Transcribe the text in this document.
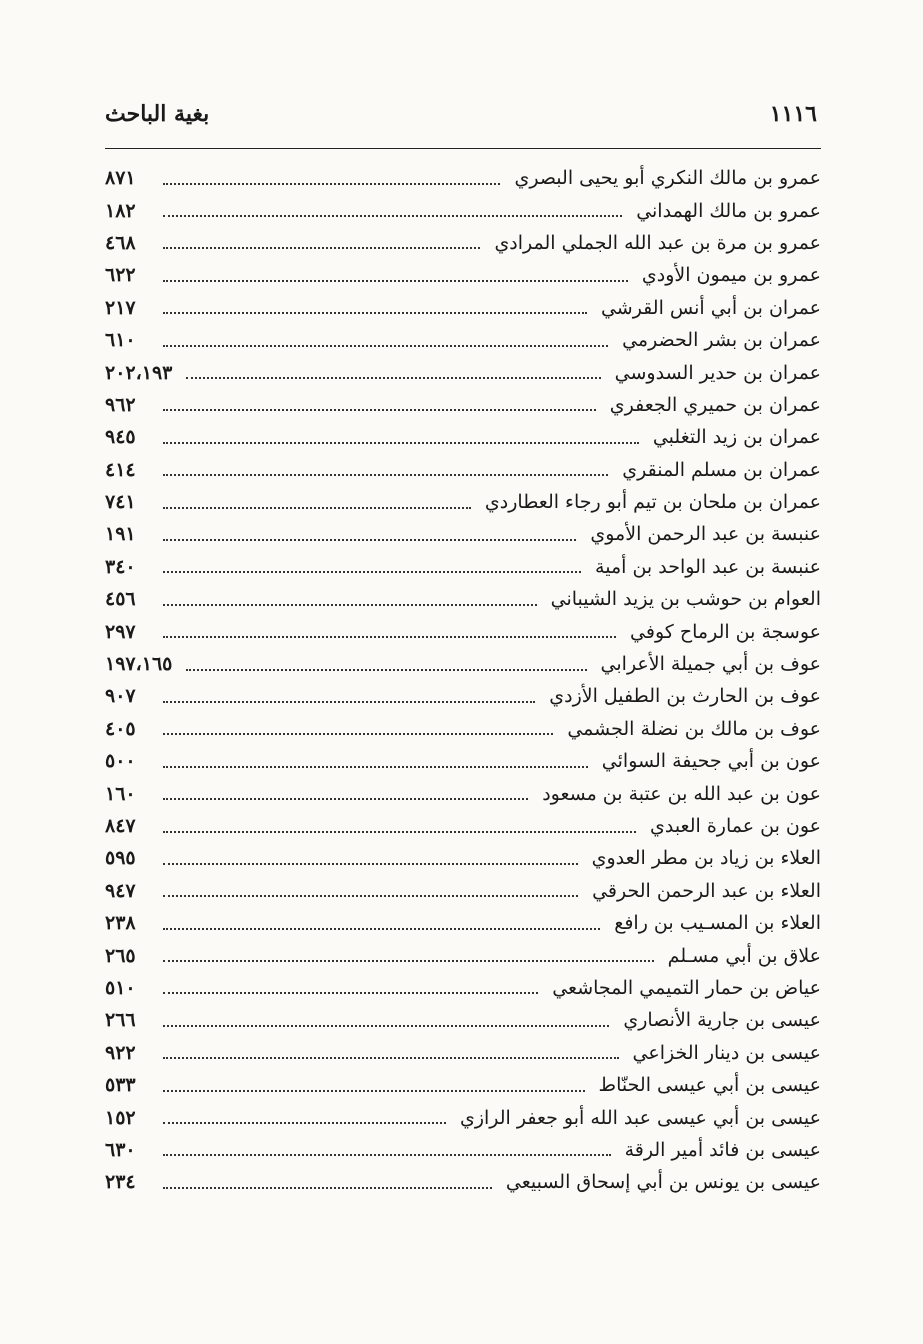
١١١٦
بغية الباحث
عمرو بن مالك النكري أبو يحيى البصري
٨٧١
عمرو بن مالك الهمداني
١٨٢
عمرو بن مرة بن عبد الله الجملي المرادي
٤٦٨
عمرو بن ميمون الأودي
٦٢٢
عمران بن أبي أنس القرشي
٢١٧
عمران بن بشر الحضرمي
٦١٠
عمران بن حدير السدوسي
٢٠٢،١٩٣
عمران بن حميري الجعفري
٩٦٢
عمران بن زيد التغلبي
٩٤٥
عمران بن مسلم المنقري
٤١٤
عمران بن ملحان بن تيم أبو رجاء العطاردي
٧٤١
عنبسة بن عبد الرحمن الأموي
١٩١
عنبسة بن عبد الواحد بن أمية
٣٤٠
العوام بن حوشب بن يزيد الشيباني
٤٥٦
عوسجة بن الرماح كوفي
٢٩٧
عوف بن أبي جميلة الأعرابي
١٩٧،١٦٥
عوف بن الحارث بن الطفيل الأزدي
٩٠٧
عوف بن مالك بن نضلة الجشمي
٤٠٥
عون بن أبي جحيفة السوائي
٥٠٠
عون بن عبد الله بن عتبة بن مسعود
١٦٠
عون بن عمارة العبدي
٨٤٧
العلاء بن زياد بن مطر العدوي
٥٩٥
العلاء بن عبد الرحمن الحرقي
٩٤٧
العلاء بن المسـيب بن رافع
٢٣٨
علاق بن أبي مسـلم
٢٦٥
عياض بن حمار التميمي المجاشعي
٥١٠
عيسى بن جارية الأنصاري
٢٦٦
عيسى بن دينار الخزاعي
٩٢٢
عيسى بن أبي عيسى الحنّاط
٥٣٣
عيسى بن أبي عيسى عبد الله أبو جعفر الرازي
١٥٢
عيسى بن فائد أمير الرقة
٦٣٠
عيسى بن يونس بن أبي إسحاق السبيعي
٢٣٤
